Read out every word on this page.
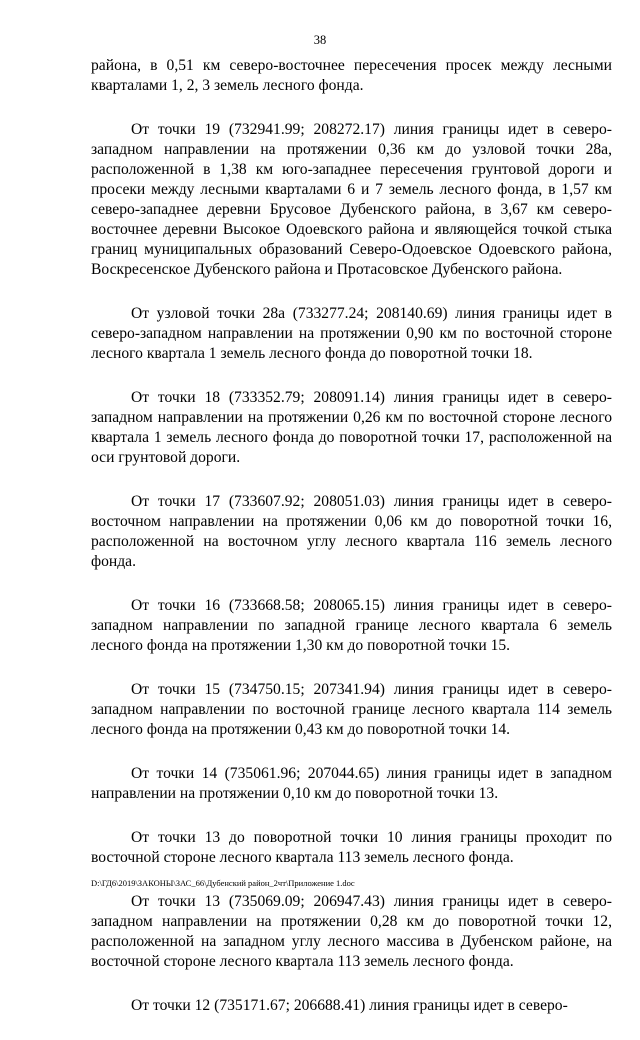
38

района, в 0,51 км северо-восточнее пересечения просек между лесными кварталами 1, 2, 3 земель лесного фонда.

От точки 19 (732941.99; 208272.17) линия границы идет в северо-западном направлении на протяжении 0,36 км до узловой точки 28а, расположенной в 1,38 км юго-западнее пересечения грунтовой дороги и просеки между лесными кварталами 6 и 7 земель лесного фонда, в 1,57 км северо-западнее деревни Брусовое Дубенского района, в 3,67 км северо-восточнее деревни Высокое Одоевского района и являющейся точкой стыка границ муниципальных образований Северо-Одоевское Одоевского района, Воскресенское Дубенского района и Протасовское Дубенского района.

От узловой точки 28а (733277.24; 208140.69) линия границы идет в северо-западном направлении на протяжении 0,90 км по восточной стороне лесного квартала 1 земель лесного фонда до поворотной точки 18.

От точки 18 (733352.79; 208091.14) линия границы идет в северо-западном направлении на протяжении 0,26 км по восточной стороне лесного квартала 1 земель лесного фонда до поворотной точки 17, расположенной на оси грунтовой дороги.

От точки 17 (733607.92; 208051.03) линия границы идет в северо-восточном направлении на протяжении 0,06 км до поворотной точки 16, расположенной на восточном углу лесного квартала 116 земель лесного фонда.

От точки 16 (733668.58; 208065.15) линия границы идет в северо-западном направлении по западной границе лесного квартала 6 земель лесного фонда на протяжении 1,30 км до поворотной точки 15.

От точки 15 (734750.15; 207341.94) линия границы идет в северо-западном направлении по восточной границе лесного квартала 114 земель лесного фонда на протяжении 0,43 км до поворотной точки 14.

От точки 14 (735061.96; 207044.65) линия границы идет в западном направлении на протяжении 0,10 км до поворотной точки 13.

От точки 13 до поворотной точки 10 линия границы проходит по восточной стороне лесного квартала 113 земель лесного фонда.

От точки 13 (735069.09; 206947.43) линия границы идет в северо-западном направлении на протяжении 0,28 км до поворотной точки 12, расположенной на западном углу лесного массива в Дубенском районе, на восточной стороне лесного квартала 113 земель лесного фонда.

От точки 12 (735171.67; 206688.41) линия границы идет в северо-

D:\ГД6\2019\ЗАКОНЫ\ЗАС_66\Дубенский район_2чт\Приложение 1.doc
